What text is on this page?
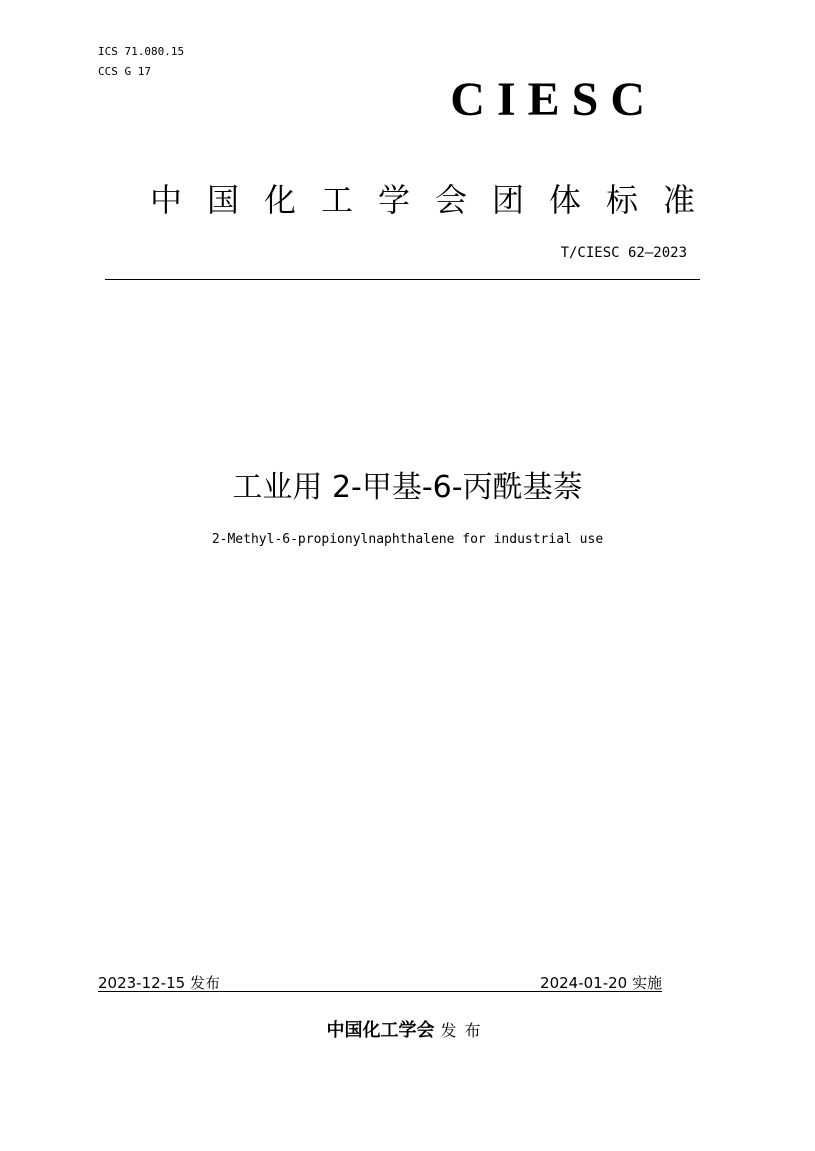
ICS 71.080.15
CCS G 17
CIESC
中国化工学会团体标准
T/CIESC 62—2023
工业用 2-甲基-6-丙酰基萘
2-Methyl-6-propionylnaphthalene for industrial use
2023-12-15 发布	2024-01-20 实施
中国化工学会 发布
